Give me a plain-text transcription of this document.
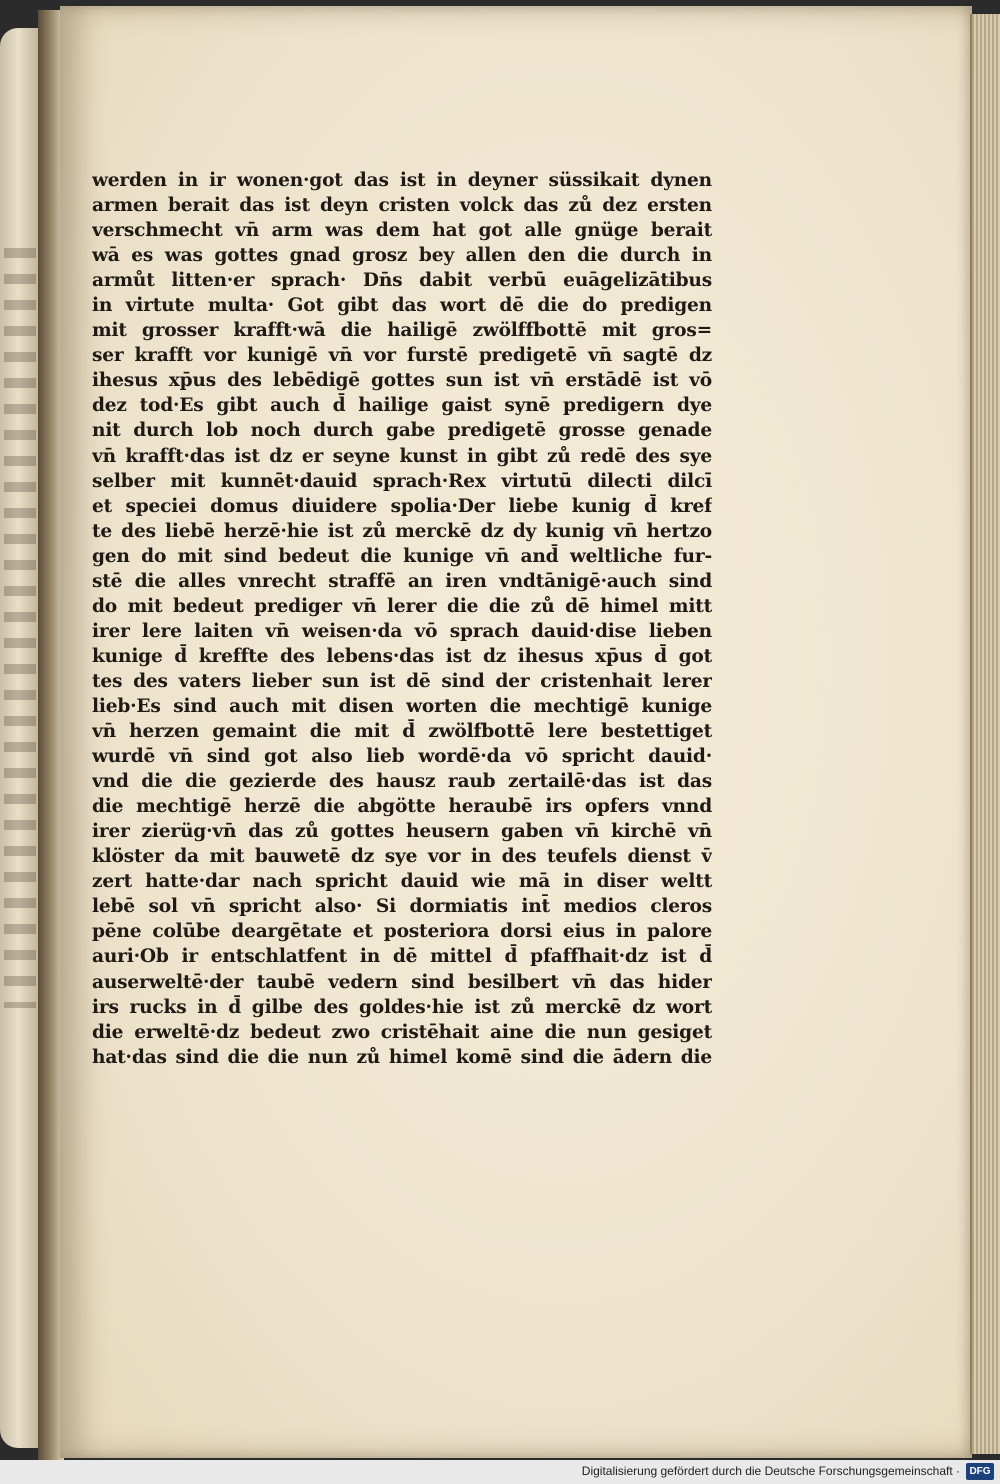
werden in ir wonen·got das ist in deyner süssikait dynen
armen berait das ist deyn cristen volck das zů dez ersten
verschmecht vn̄ arm was dem hat got alle gnüge berait
wā es was gottes gnad grosz bey allen den die durch in
armůt litten·er sprach· Dn̄s dabit verbū euāgelizātibus
in virtute multa· Got gibt das wort dē die do predigen
mit grosser krafft·wā die hailigē zwölffbottē mit gros=
ser krafft vor kunigē vn̄ vor furstē predigetē vn̄ sagtē dz
ihesus xp̄us des lebēdigē gottes sun ist vn̄ erstādē ist vō
dez tod·Es gibt auch d̄ hailige gaist synē predigern dye
nit durch lob noch durch gabe predigetē grosse genade
vn̄ krafft·das ist dz er seyne kunst in gibt zů redē des sye
selber mit kunnēt·dauid sprach·Rex virtutū dilecti dilcī
et speciei domus diuidere spolia·Der liebe kunig d̄ kref
te des liebē herzē·hie ist zů merckē dz dy kunig vn̄ hertzo
gen do mit sind bedeut die kunige vn̄ and̄ weltliche fur-
stē die alles vnrecht straffē an iren vndtānigē·auch sind
do mit bedeut prediger vn̄ lerer die die zů dē himel mitt
irer lere laiten vn̄ weisen·da vō sprach dauid·dise lieben
kunige d̄ kreffte des lebens·das ist dz ihesus xp̄us d̄ got
tes des vaters lieber sun ist dē sind der cristenhait lerer
lieb·Es sind auch mit disen worten die mechtigē kunige
vn̄ herzen gemaint die mit d̄ zwölfbottē lere bestettiget
wurdē vn̄ sind got also lieb wordē·da vō spricht dauid·
vnd die die gezierde des hausz raub zertailē·das ist das
die mechtigē herzē die abgötte heraubē irs opfers vnnd
irer zierüg·vn̄ das zů gottes heusern gaben vn̄ kirchē vn̄
klöster da mit bauwetē dz sye vor in des teufels dienst v̄
zert hatte·dar nach spricht dauid wie mā in diser weltt
lebē sol vn̄ spricht also· Si dormiatis int̄ medios cleros
pēne colūbe deargētate et posteriora dorsi eius in palore
auri·Ob ir entschlatfent in dē mittel d̄ pfaffhait·dz ist d̄
auserweltē·der taubē vedern sind besilbert vn̄ das hider
irs rucks in d̄ gilbe des goldes·hie ist zů merckē dz wort
die erweltē·dz bedeut zwo cristēhait aine die nun gesiget
hat·das sind die die nun zů himel komē sind die ādern die
Digitalisierung gefördert durch die Deutsche Forschungsgemeinschaft · DFG
